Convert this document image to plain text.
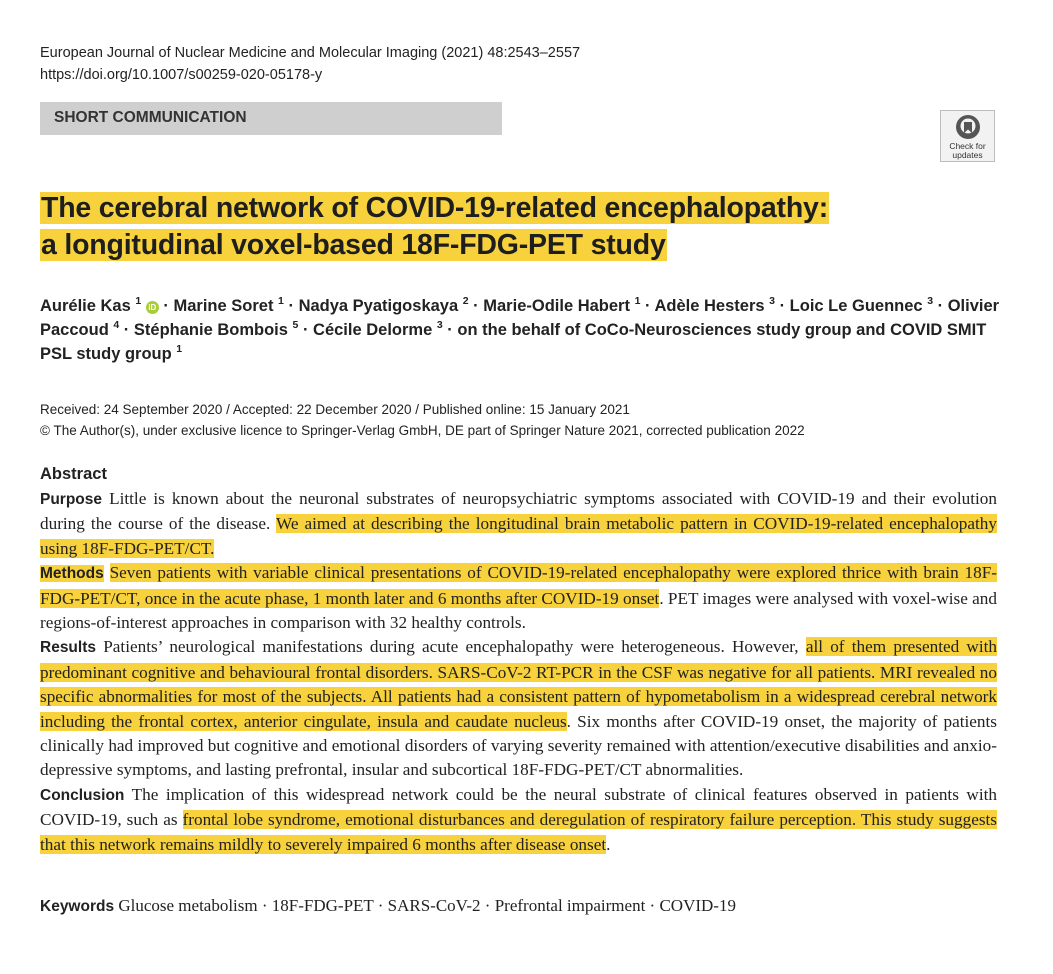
European Journal of Nuclear Medicine and Molecular Imaging (2021) 48:2543–2557
https://doi.org/10.1007/s00259-020-05178-y
SHORT COMMUNICATION
Check for
updates
The cerebral network of COVID-19-related encephalopathy:
a longitudinal voxel-based 18F-FDG-PET study
Aurélie Kas $^1$ iD · Marine Soret $^1$ · Nadya Pyatigoskaya $^2$ · Marie-Odile Habert $^1$ · Adèle Hesters $^3$ · Loic Le Guennec $^3$ · Olivier Paccoud $^4$ · Stéphanie Bombois $^5$ · Cécile Delorme $^3$ · on the behalf of CoCo-Neurosciences study group and COVID SMIT PSL study group $^1$
Received: 24 September 2020 / Accepted: 22 December 2020 / Published online: 15 January 2021
© The Author(s), under exclusive licence to Springer-Verlag GmbH, DE part of Springer Nature 2021, corrected publication 2022
Abstract

Purpose Little is known about the neuronal substrates of neuropsychiatric symptoms associated with COVID-19 and their evolution during the course of the disease. We aimed at describing the longitudinal brain metabolic pattern in COVID-19-related encephalopathy using 18F-FDG-PET/CT.

Methods Seven patients with variable clinical presentations of COVID-19-related encephalopathy were explored thrice with brain 18F-FDG-PET/CT, once in the acute phase, 1 month later and 6 months after COVID-19 onset. PET images were analysed with voxel-wise and regions-of-interest approaches in comparison with 32 healthy controls.

Results Patients’ neurological manifestations during acute encephalopathy were heterogeneous. However, all of them presented with predominant cognitive and behavioural frontal disorders. SARS-CoV-2 RT-PCR in the CSF was negative for all patients. MRI revealed no specific abnormalities for most of the subjects. All patients had a consistent pattern of hypometabolism in a widespread cerebral network including the frontal cortex, anterior cingulate, insula and caudate nucleus. Six months after COVID-19 onset, the majority of patients clinically had improved but cognitive and emotional disorders of varying severity remained with attention/executive disabilities and anxio-depressive symptoms, and lasting prefrontal, insular and subcortical 18F-FDG-PET/CT abnormalities.

Conclusion The implication of this widespread network could be the neural substrate of clinical features observed in patients with COVID-19, such as frontal lobe syndrome, emotional disturbances and deregulation of respiratory failure perception. This study suggests that this network remains mildly to severely impaired 6 months after disease onset.

Keywords Glucose metabolism · 18F-FDG-PET · SARS-CoV-2 · Prefrontal impairment · COVID-19
